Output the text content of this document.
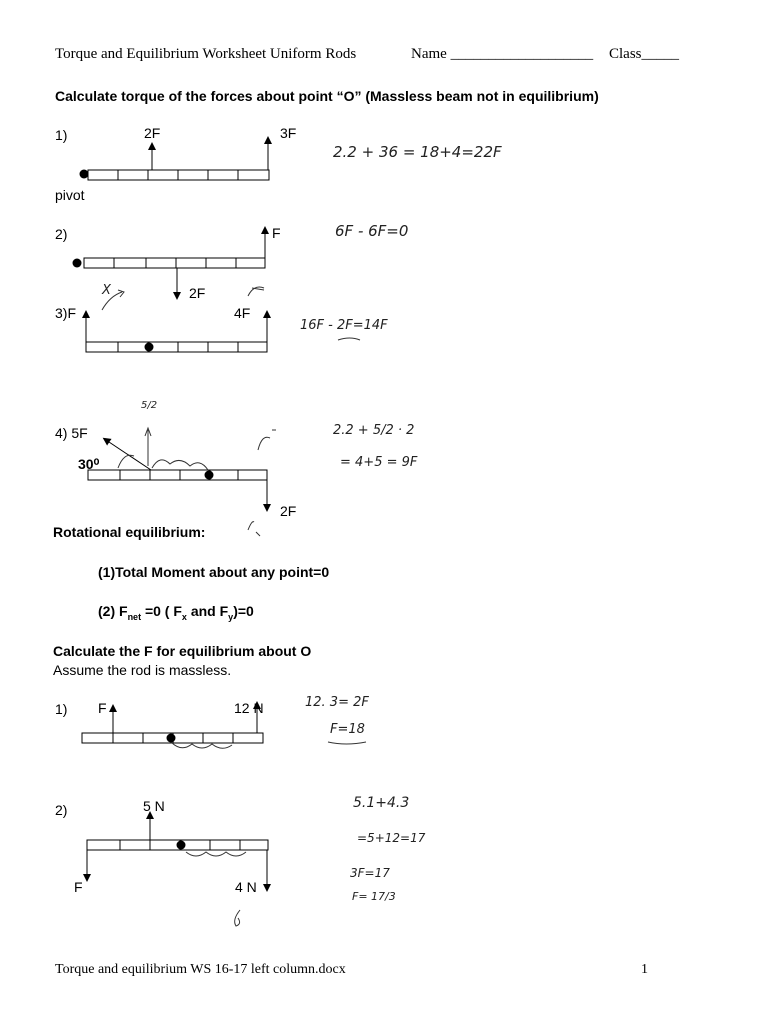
Torque and Equilibrium Worksheet Uniform Rods	Name ___________________ Class_____
Calculate torque of the forces about point “O” (Massless beam not in equilibrium)
1)	2F	3F
pivot
2.2 + 36 = 18+4=22F
2)	F
2F
6F - 6F=0
3)F	4F
X
16F - 2F=14F
4) 5F
30⁰
2F
5/2
2.2 + 5/2 · 2
= 4+5 = 9F
Rotational equilibrium:
(1)Total Moment about any point=0
(2) $F_{net} =0$ ( $F_x$ and $F_y)=0$
Calculate the F for equilibrium about O
Assume the rod is massless.
1) F	12 N	12. 3= 2F
F=18
2)	5 N
F	4 N
5.1+4.3
=5+12=17
3F=17
F= 17/3
Torque and equilibrium WS 16-17 left column.docx	1
